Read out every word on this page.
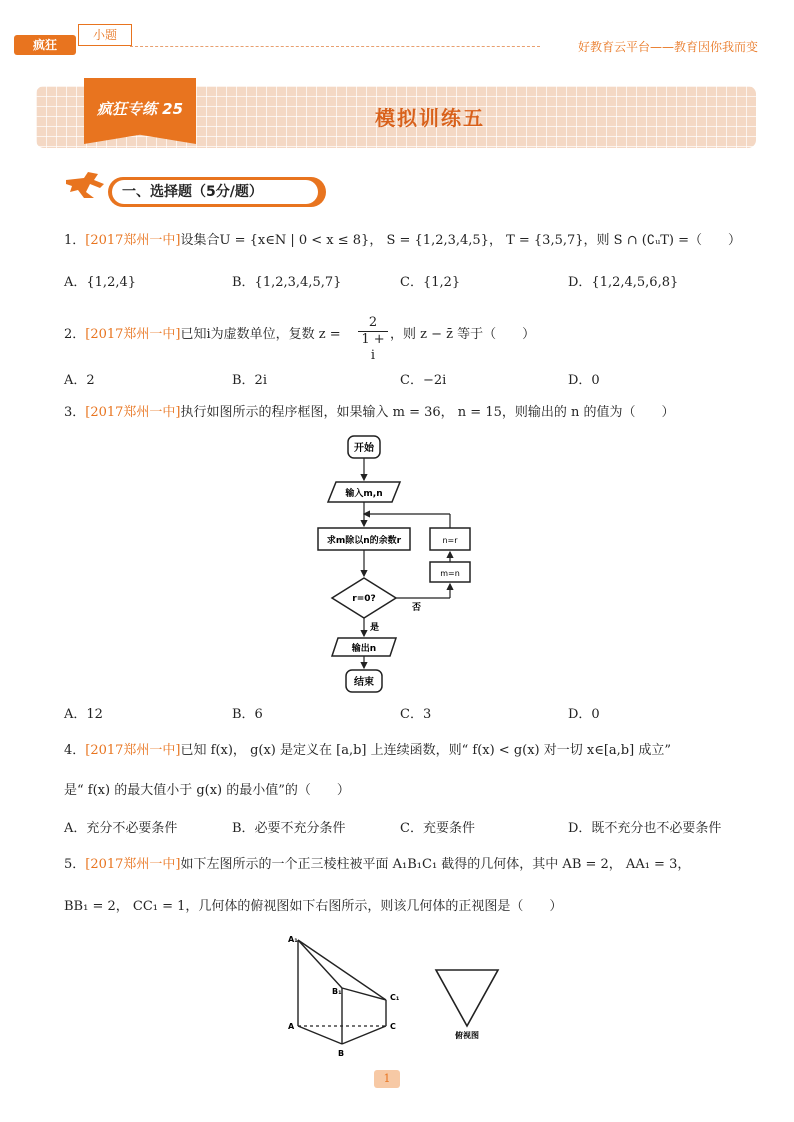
疯狂
小题
好教育云平台——教育因你我而变
疯狂专练 25	模拟训练五
一、选择题（5分/题）
1．[2017郑州一中]设集合U = {x∈N | 0 < x ≤ 8}， S = {1,2,3,4,5}， T = {3,5,7}，则 S ∩ (∁ᵤT) =（　　）
A．{1,2,4}	B．{1,2,3,4,5,7}	C．{1,2}	D．{1,2,4,5,6,8}
2．[2017郑州一中]已知i为虚数单位，复数 $z = \frac{2}{1 + i}$ ，则 z − z̄ 等于（　　）
A．2	B．2i	C．−2i	D．0
3．[2017郑州一中]执行如图所示的程序框图，如果输入 m = 36， n = 15，则输出的 n 的值为（　　）
开始
输入m,n
求m除以n的余数r
r=0?
否
m=n
n=r
是
输出n
结束
A．12	B．6	C．3	D．0
4．[2017郑州一中]已知 f(x)， g(x) 是定义在 [a,b] 上连续函数，则“ f(x) < g(x) 对一切 x∈[a,b] 成立”
是“ f(x) 的最大值小于 g(x) 的最小值”的（　　）
A．充分不必要条件	B．必要不充分条件	C．充要条件	D．既不充分也不必要条件
5．[2017郑州一中]如下左图所示的一个正三棱柱被平面 A₁B₁C₁ 截得的几何体，其中 AB = 2， AA₁ = 3，
BB₁ = 2， CC₁ = 1，几何体的俯视图如下右图所示，则该几何体的正视图是（　　）
A₁
B₁
C₁
A
B
C
俯视图
1
